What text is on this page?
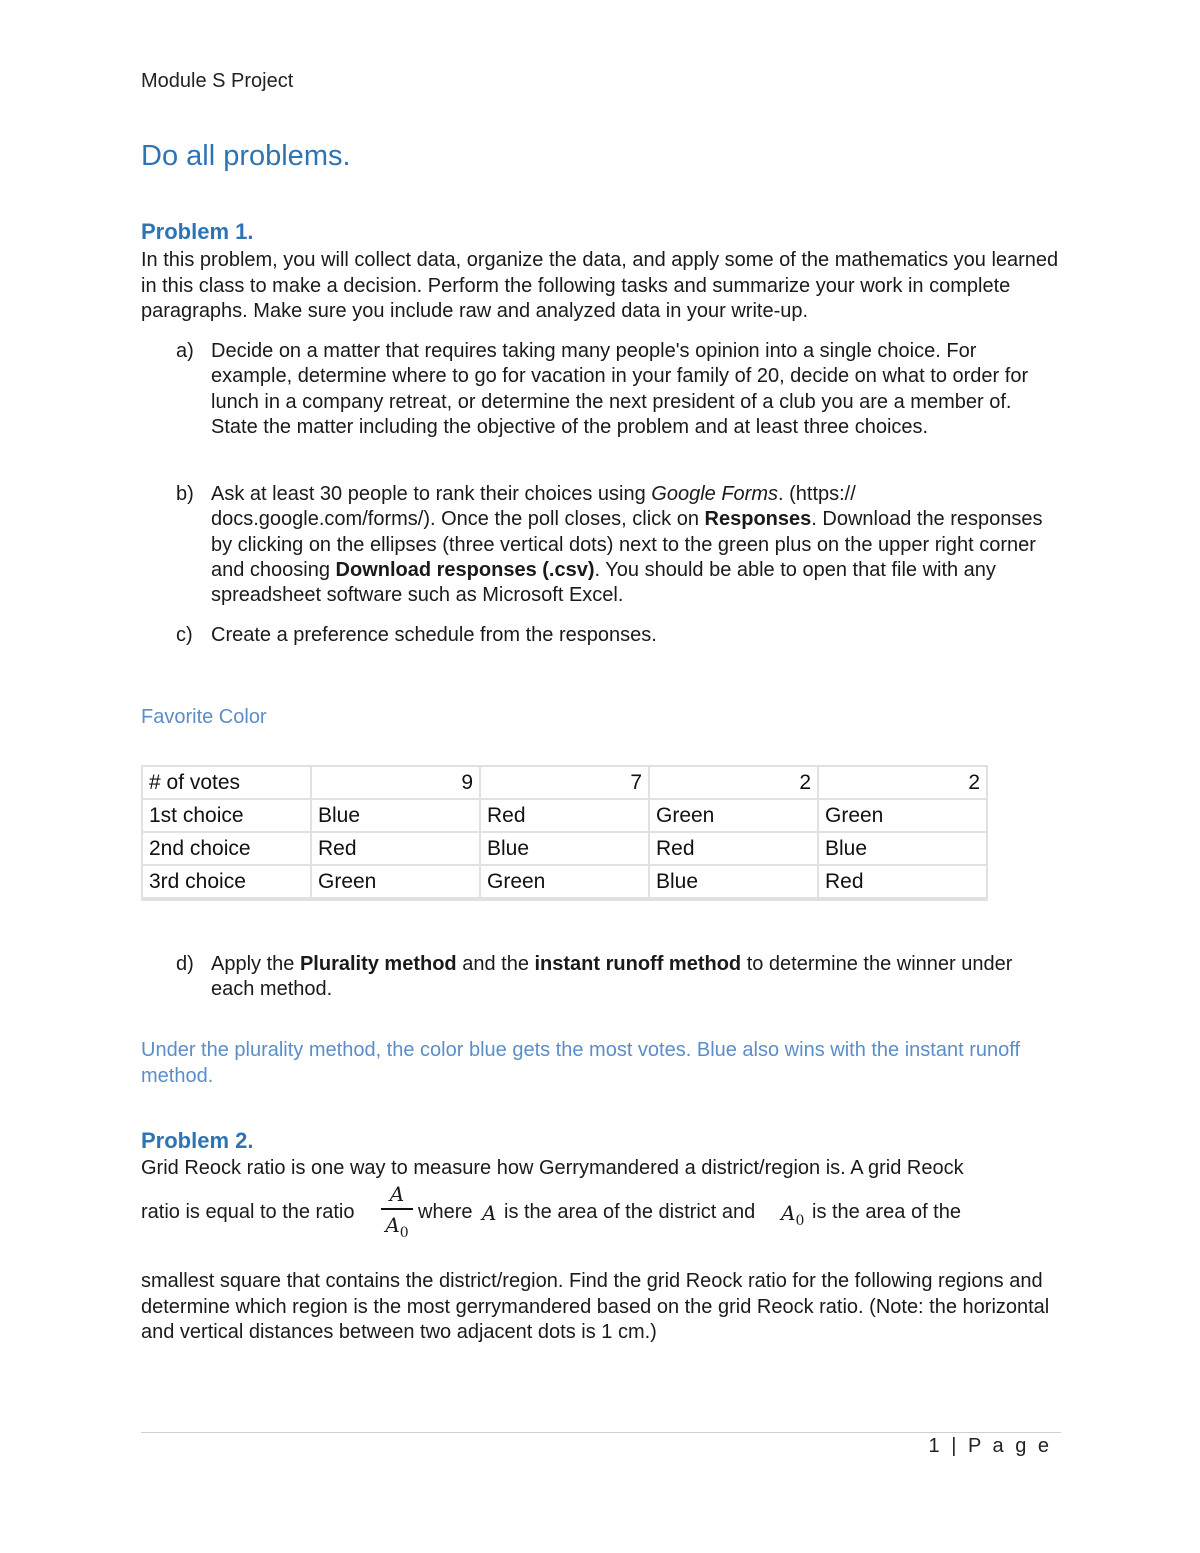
Module S Project
Do all problems.
Problem 1.

In this problem, you will collect data, organize the data, and apply some of the mathematics you learned in this class to make a decision. Perform the following tasks and summarize your work in complete paragraphs. Make sure you include raw and analyzed data in your write-up.

a) Decide on a matter that requires taking many people's opinion into a single choice. For example, determine where to go for vacation in your family of 20, decide on what to order for lunch in a company retreat, or determine the next president of a club you are a member of. State the matter including the objective of the problem and at least three choices.
b) Ask at least 30 people to rank their choices using Google Forms. (https:// docs.google.com/forms/). Once the poll closes, click on Responses. Download the responses by clicking on the ellipses (three vertical dots) next to the green plus on the upper right corner and choosing Download responses (.csv). You should be able to open that file with any spreadsheet software such as Microsoft Excel.
c) Create a preference schedule from the responses.
Favorite Color
# of votes	9	7	2	2
1st choice	Blue	Red	Green	Green
2nd choice	Red	Blue	Red	Blue
3rd choice	Green	Green	Blue	Red
d) Apply the Plurality method and the instant runoff method to determine the winner under each method.

Under the plurality method, the color blue gets the most votes. Blue also wins with the instant runoff method.

Problem 2.
Grid Reock ratio is one way to measure how Gerrymandered a district/region is. A grid Reock
ratio is equal to the ratio
A
$A_0$
where A is the area of the district and $A_0$ is the area of the

smallest square that contains the district/region. Find the grid Reock ratio for the following regions and determine which region is the most gerrymandered based on the grid Reock ratio. (Note: the horizontal and vertical distances between two adjacent dots is 1 cm.)

1 | P a g e
